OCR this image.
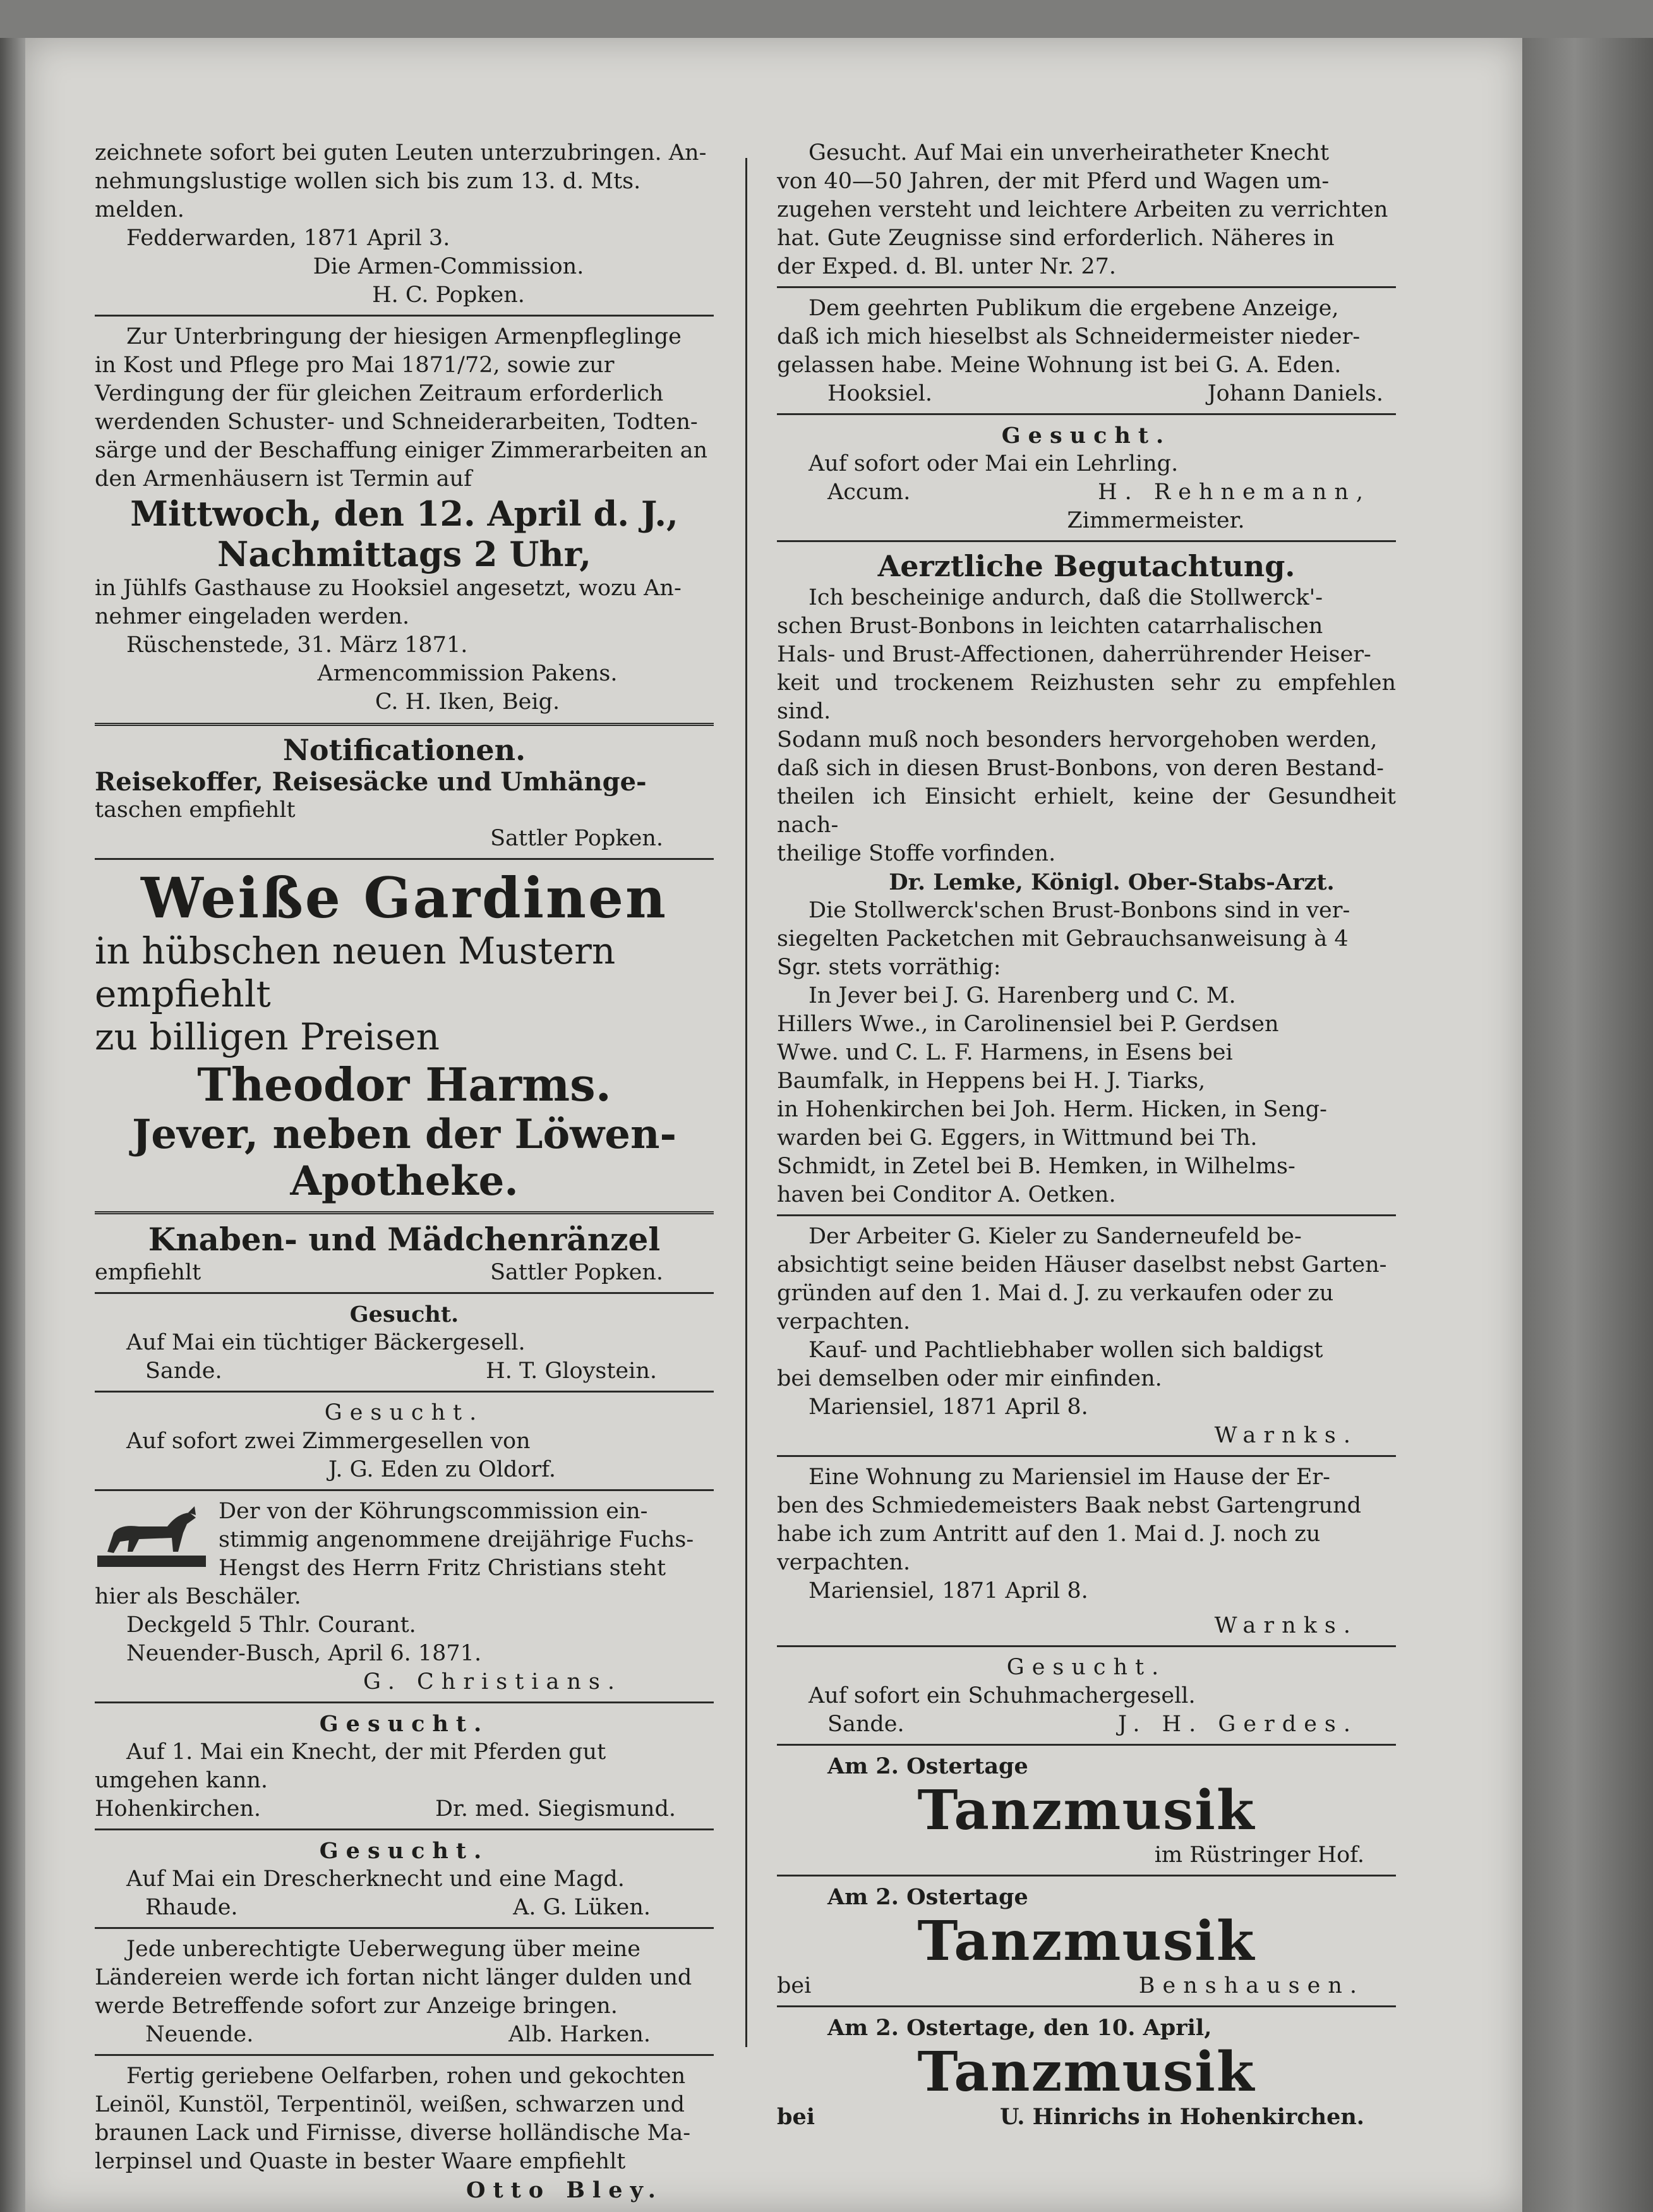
zeichnete sofort bei guten Leuten unterzubringen. An-

nehmungslustige wollen sich bis zum 13. d. Mts.

melden.

Fedderwarden, 1871 April 3.

Die Armen-Commission.

H. C. Popken.

Zur Unterbringung der hiesigen Armenpfleglinge

in Kost und Pflege pro Mai 1871/72, sowie zur

Verdingung der für gleichen Zeitraum erforderlich

werdenden Schuster- und Schneiderarbeiten, Todten-

särge und der Beschaffung einiger Zimmerarbeiten an

den Armenhäusern ist Termin auf

Mittwoch, den 12. April d. J.,
Nachmittags 2 Uhr,

in Jühlfs Gasthause zu Hooksiel angesetzt, wozu An-

nehmer eingeladen werden.

Rüschenstede, 31. März 1871.

Armencommission Pakens.

C. H. Iken, Beig.

Notificationen.

Reisekoffer, Reisesäcke und Umhänge-

taschen empfiehlt

Sattler Popken.

Weiße Gardinen
in hübschen neuen Mustern empfiehlt
zu billigen Preisen
Theodor Harms.
Jever, neben der Löwen-Apotheke.
Knaben- und Mädchenränzel
empfiehlt	Sattler Popken.

Gesucht.

Auf Mai ein tüchtiger Bäckergesell.

Sande.	H. T. Gloystein.

Gesucht.

Auf sofort zwei Zimmergesellen von

J. G. Eden zu Oldorf.

Der von der Köhrungscommission ein-

stimmig angenommene dreijährige Fuchs-

Hengst des Herrn Fritz Christians steht

hier als Beschäler.

Deckgeld 5 Thlr. Courant.

Neuender-Busch, April 6. 1871.

G. Christians.

Gesucht.

Auf 1. Mai ein Knecht, der mit Pferden gut

umgehen kann.

Hohenkirchen.	Dr. med. Siegismund.

Gesucht.

Auf Mai ein Drescherknecht und eine Magd.

Rhaude.	A. G. Lüken.

Jede unberechtigte Ueberwegung über meine

Ländereien werde ich fortan nicht länger dulden und

werde Betreffende sofort zur Anzeige bringen.

Neuende.	Alb. Harken.

Fertig geriebene Oelfarben, rohen und gekochten

Leinöl, Kunstöl, Terpentinöl, weißen, schwarzen und

braunen Lack und Firnisse, diverse holländische Ma-

lerpinsel und Quaste in bester Waare empfiehlt

Otto Bley.

Gesucht. Auf Mai ein unverheiratheter Knecht

von 40—50 Jahren, der mit Pferd und Wagen um-

zugehen versteht und leichtere Arbeiten zu verrichten

hat. Gute Zeugnisse sind erforderlich. Näheres in

der Exped. d. Bl. unter Nr. 27.

Dem geehrten Publikum die ergebene Anzeige,

daß ich mich hieselbst als Schneidermeister nieder-

gelassen habe. Meine Wohnung ist bei G. A. Eden.

Hooksiel.	Johann Daniels.

Gesucht.

Auf sofort oder Mai ein Lehrling.

Accum.	H. Rehnemann,

Zimmermeister.

Aerztliche Begutachtung.

Ich bescheinige andurch, daß die Stollwerck'-

schen Brust-Bonbons in leichten catarrhalischen

Hals- und Brust-Affectionen, daherrührender Heiser-

keit und trockenem Reizhusten sehr zu empfehlen sind.

Sodann muß noch besonders hervorgehoben werden,

daß sich in diesen Brust-Bonbons, von deren Bestand-

theilen ich Einsicht erhielt, keine der Gesundheit nach-

theilige Stoffe vorfinden.

Dr. Lemke, Königl. Ober-Stabs-Arzt.

Die Stollwerck'schen Brust-Bonbons sind in ver-

siegelten Packetchen mit Gebrauchsanweisung à 4

Sgr. stets vorräthig:

In Jever bei J. G. Harenberg und C. M.

Hillers Wwe., in Carolinensiel bei P. Gerdsen

Wwe. und C. L. F. Harmens, in Esens bei

Baumfalk, in Heppens bei H. J. Tiarks,

in Hohenkirchen bei Joh. Herm. Hicken, in Seng-

warden bei G. Eggers, in Wittmund bei Th.

Schmidt, in Zetel bei B. Hemken, in Wilhelms-

haven bei Conditor A. Oetken.

Der Arbeiter G. Kieler zu Sanderneufeld be-

absichtigt seine beiden Häuser daselbst nebst Garten-

gründen auf den 1. Mai d. J. zu verkaufen oder zu

verpachten.

Kauf- und Pachtliebhaber wollen sich baldigst

bei demselben oder mir einfinden.

Mariensiel, 1871 April 8.

Warnks.

Eine Wohnung zu Mariensiel im Hause der Er-

ben des Schmiedemeisters Baak nebst Gartengrund

habe ich zum Antritt auf den 1. Mai d. J. noch zu

verpachten.

Mariensiel, 1871 April 8.

Warnks.

Gesucht.

Auf sofort ein Schuhmachergesell.

Sande.	J. H. Gerdes.

Am 2. Ostertage

Tanzmusik

im Rüstringer Hof.

Am 2. Ostertage

Tanzmusik
bei	Benshausen.

Am 2. Ostertage, den 10. April,

Tanzmusik
bei	U. Hinrichs in Hohenkirchen.
